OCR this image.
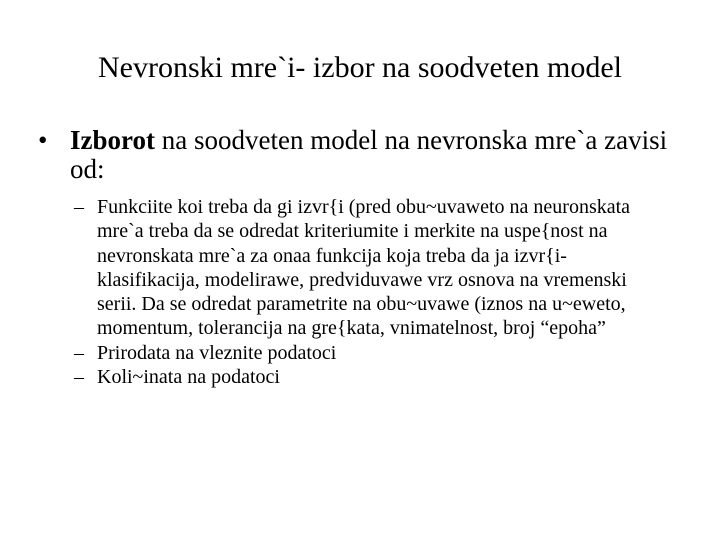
Nevronski mre`i- izbor na soodveten model
• Izborot na soodveten model na nevronska mre`a zavisi od:
– Funkciite koi treba da gi izvr{i (pred obu~uvaweto na neuronskata mre`a treba da se odredat kriteriumite i merkite na uspe{nost na nevronskata mre`a za onaa funkcija koja treba da ja izvr{i- klasifikacija, modelirawe, predviduvawe vrz osnova na vremenski serii. Da se odredat parametrite na obu~uvawe (iznos na u~eweto, momentum, tolerancija na gre{kata, vnimatelnost, broj “epoha”
– Prirodata na vleznite podatoci
– Koli~inata na podatoci
